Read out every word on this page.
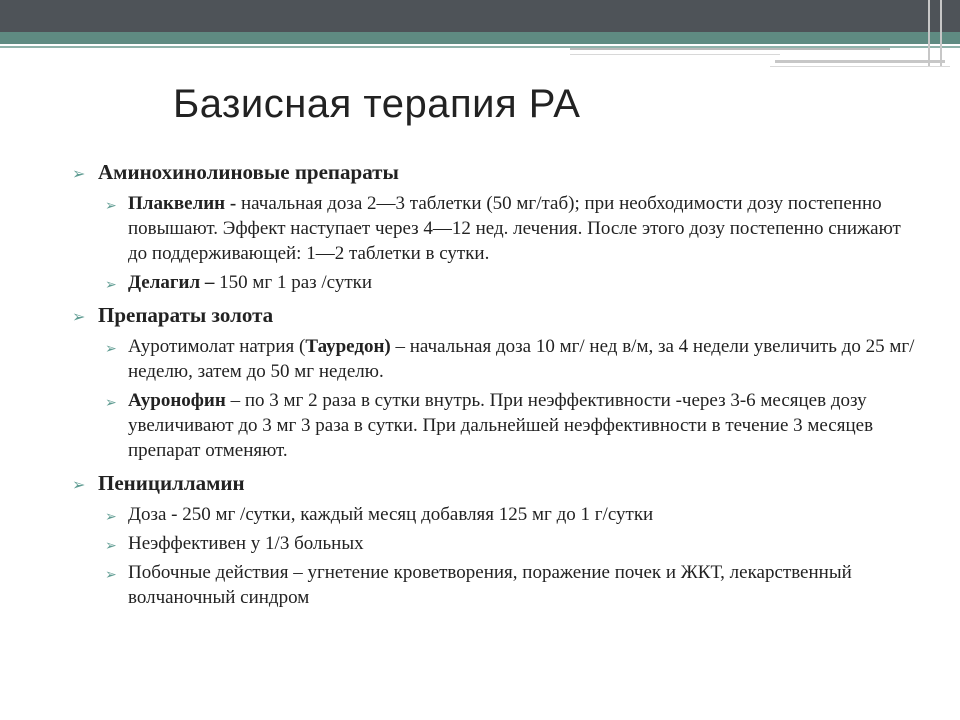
Базисная терапия РА
➢ Аминохинолиновые препараты
➢ Плаквелин - начальная доза 2—3 таблетки (50 мг/таб); при необходимости дозу постепенно повышают. Эффект наступает через 4—12 нед. лечения. После этого дозу постепенно снижают до поддерживающей: 1—2 таблетки в сутки.
➢ Делагил – 150 мг 1 раз /сутки
➢ Препараты золота
➢ Ауротимолат натрия (Тауредон) – начальная доза 10 мг/ нед в/м, за 4 недели увеличить до 25 мг/ неделю, затем до 50 мг неделю.
➢ Ауронофин – по 3 мг 2 раза в сутки внутрь. При неэффективности -через 3-6 месяцев дозу увеличивают до 3 мг 3 раза в сутки. При дальнейшей неэффективности в течение 3 месяцев препарат отменяют.
➢ Пеницилламин
➢ Доза - 250 мг /сутки, каждый месяц добавляя 125 мг до 1 г/сутки
➢ Неэффективен у 1/3 больных
➢ Побочные действия – угнетение кроветворения, поражение почек и ЖКТ, лекарственный волчаночный синдром
